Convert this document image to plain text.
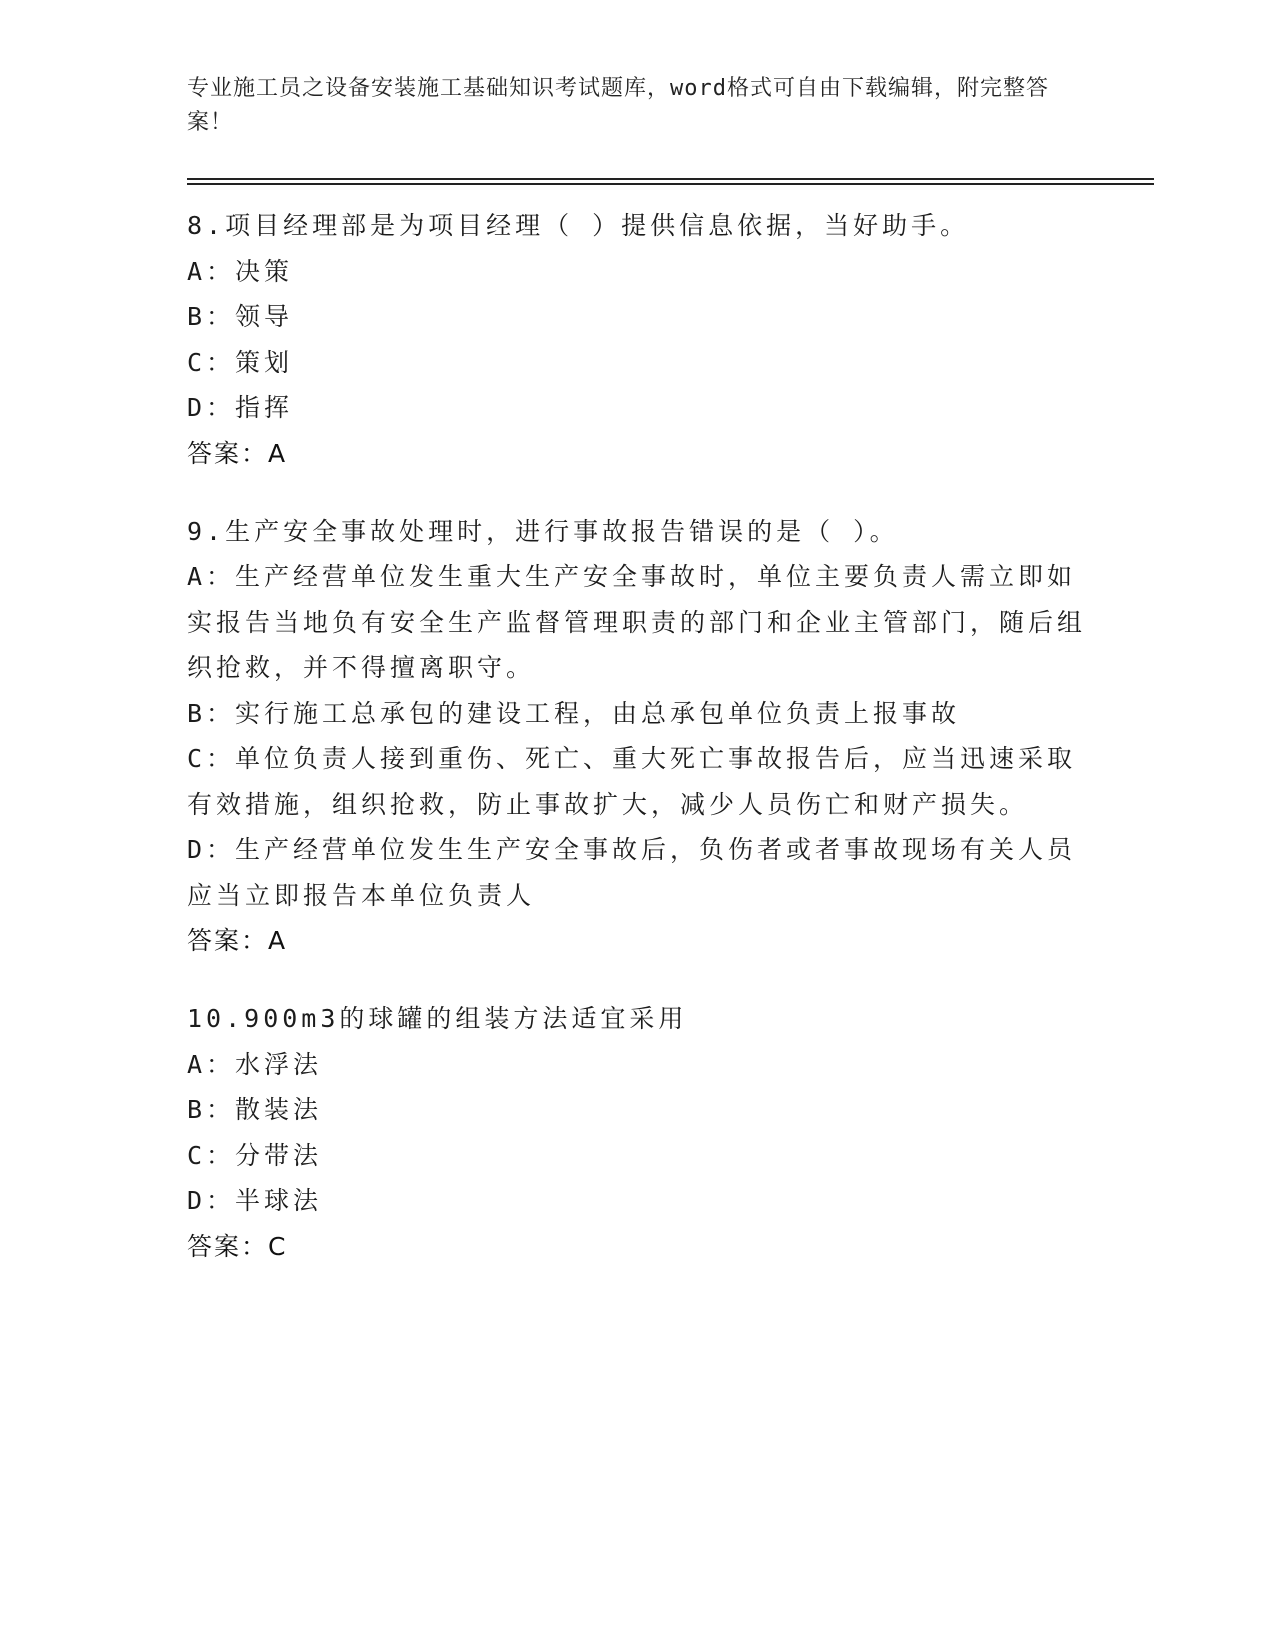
专业施工员之设备安装施工基础知识考试题库，word格式可自由下载编辑，附完整答案！
8.项目经理部是为项目经理（ ）提供信息依据，当好助手。
A：决策
B：领导
C：策划
D：指挥
答案：A
9.生产安全事故处理时，进行事故报告错误的是（ ）。
A：生产经营单位发生重大生产安全事故时，单位主要负责人需立即如实报告当地负有安全生产监督管理职责的部门和企业主管部门，随后组织抢救，并不得擅离职守。
B：实行施工总承包的建设工程，由总承包单位负责上报事故
C：单位负责人接到重伤、死亡、重大死亡事故报告后，应当迅速采取有效措施，组织抢救，防止事故扩大，减少人员伤亡和财产损失。
D：生产经营单位发生生产安全事故后，负伤者或者事故现场有关人员应当立即报告本单位负责人
答案：A
10.900m3的球罐的组装方法适宜采用
A：水浮法
B：散装法
C：分带法
D：半球法
答案：C
